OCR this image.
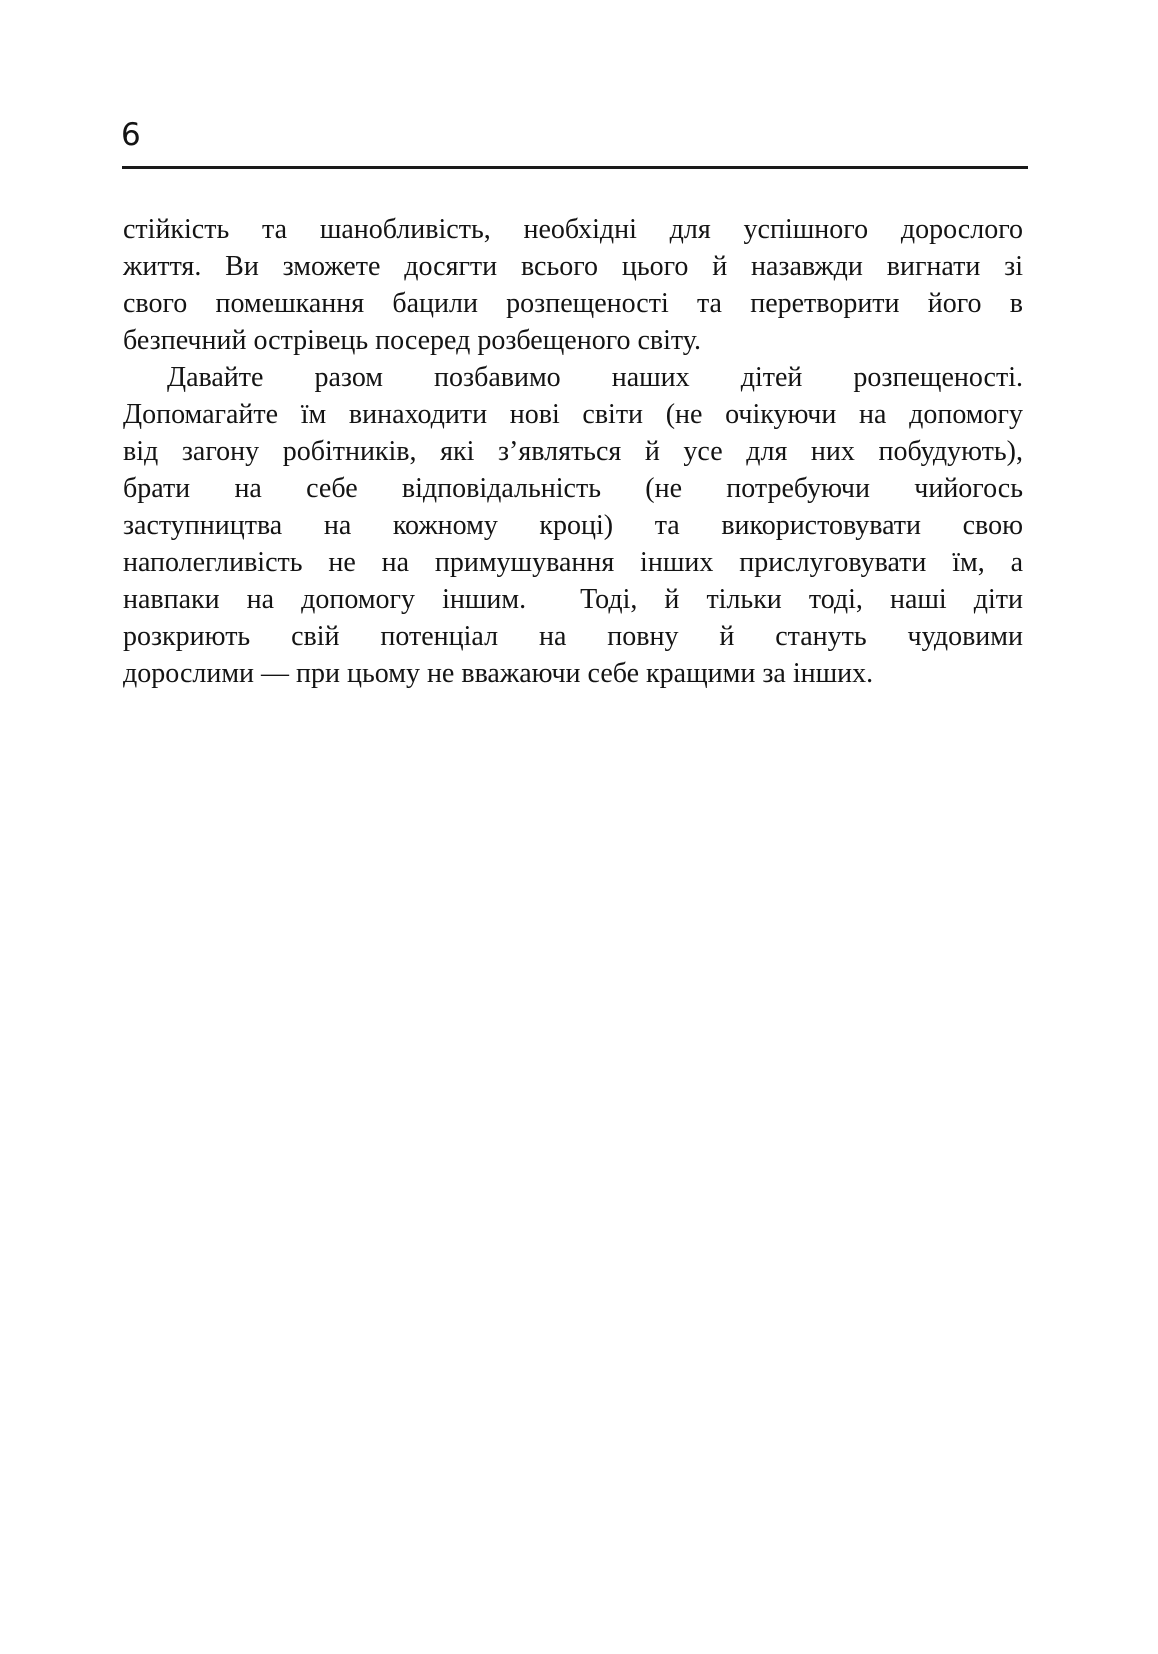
6
стійкість та шанобливість, необхідні для успішного дорослого
життя. Ви зможете досягти всього цього й назавжди вигнати зі
свого помешкання бацили розпещеності та перетворити його в
безпечний острівець посеред розбещеного світу.
Давайте разом позбавимо наших дітей розпещеності.
Допомагайте їм винаходити нові світи (не очікуючи на допомогу
від загону робітників, які з’являться й усе для них побудують),
брати на себе відповідальність (не потребуючи чийогось
заступництва на кожному кроці) та використовувати свою
наполегливість не на примушування інших прислуговувати їм, а
навпаки на допомогу іншим.  Тоді, й тільки тоді, наші діти
розкриють свій потенціал на повну й стануть чудовими
дорослими — при цьому не вважаючи себе кращими за інших.
